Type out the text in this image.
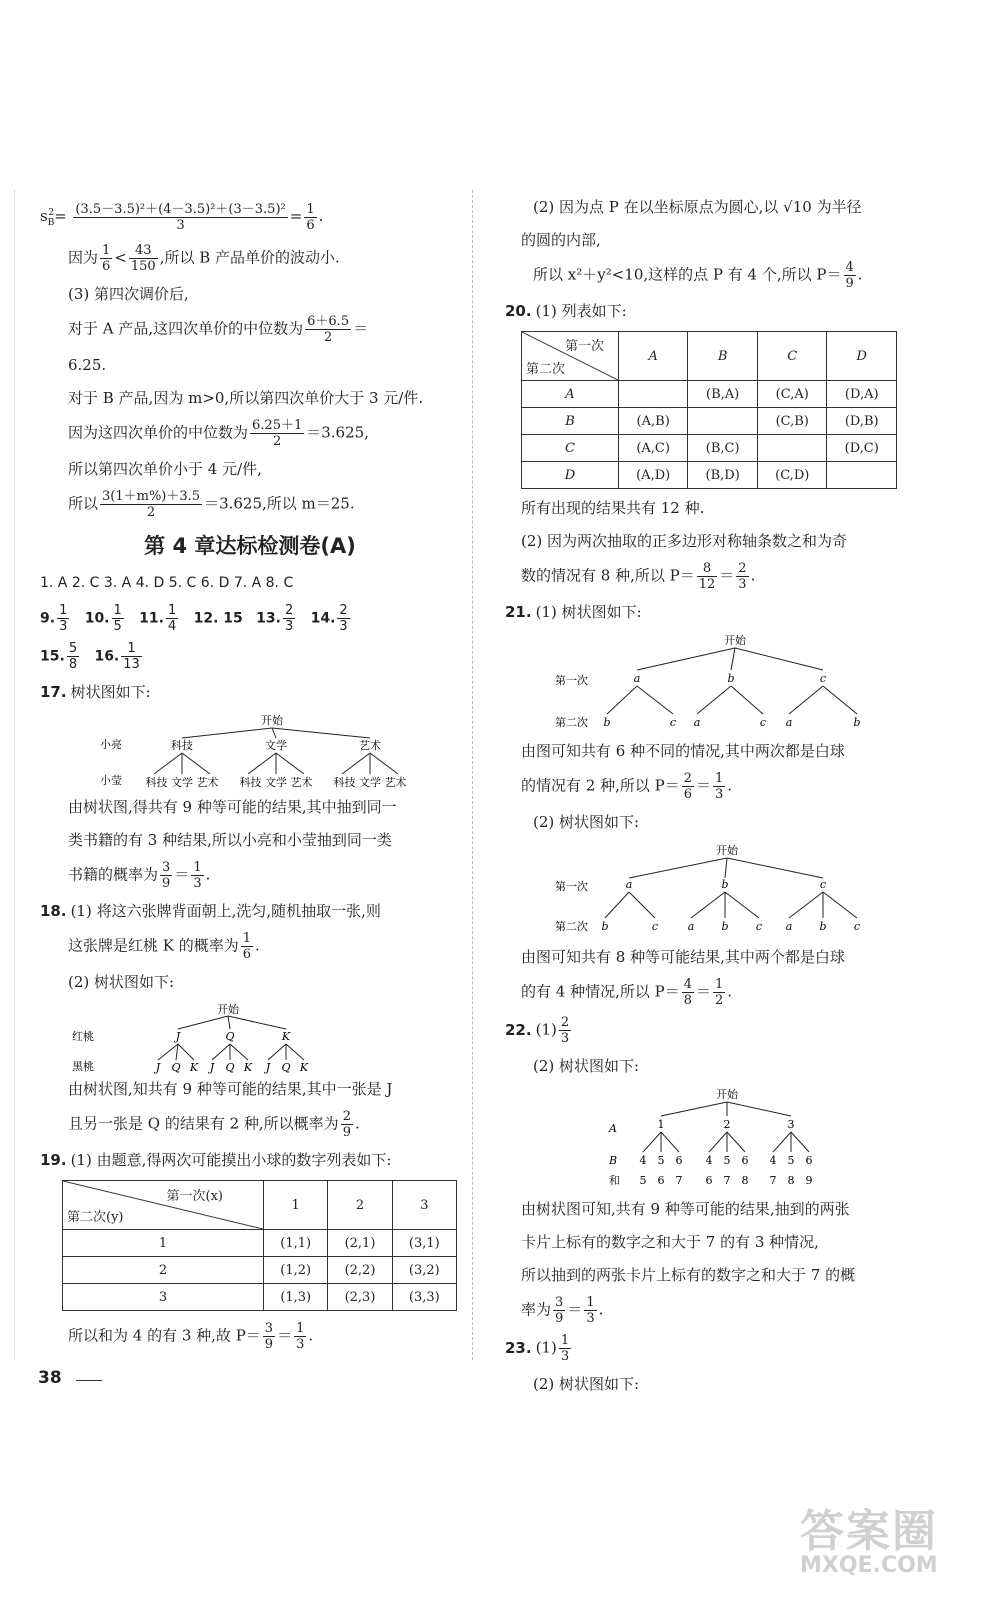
$s_B^2= \frac{\text{(3.5－3.5)²＋(4－3.5)²＋(3－3.5)²}}{3} = \frac{1}{6}$ .
因为 $\frac{1}{6} < \frac{43}{150}$ ,所以 B 产品单价的波动小.
(3) 第四次调价后,
对于 A 产品,这四次单价的中位数为 $\frac{6+6.5}{2}$ ＝
6.25.
对于 B 产品,因为 m>0,所以第四次单价大于 3 元/件.
因为这四次单价的中位数为 $\frac{6.25+1}{2} =3.625$,
所以第四次单价小于 4 元/件,
所以 $\frac{3(1+m\%)+3.5}{2} =3.625$,所以 m＝25.
第 4 章达标检测卷(A)
1. A 2. C 3. A 4. D 5. C 6. D 7. A 8. C
9. $\frac{1}{3} 10$. $\frac{1}{5} 11$. $\frac{1}{4} 12$. 15 13. $\frac{2}{3} 14$. $\frac{2}{3}$
15. $\frac{5}{8} 16$. $\frac{1}{13}$
17. 树状图如下:
开始
小亮
小莹
科技	文学	艺术
科技 文学 艺术 科技 文学 艺术 科技 文学 艺术
由树状图,得共有 9 种等可能的结果,其中抽到同一
类书籍的有 3 种结果,所以小亮和小莹抽到同一类
书籍的概率为 $\frac{3}{9} = \frac{1}{3}$ .
18. (1) 将这六张牌背面朝上,洗匀,随机抽取一张,则
这张牌是红桃 K 的概率为 $\frac{1}{6}$ .
(2) 树状图如下:
开始
红桃
黑桃
J	Q	K
J Q K J Q K J Q K
由树状图,知共有 9 种等可能的结果,其中一张是 J
且另一张是 Q 的结果有 2 种,所以概率为 $\frac{2}{9}$ .
19. (1) 由题意,得两次可能摸出小球的数字列表如下:
第一次(x)
第二次(y)	1	2	3
1	(1,1)	(2,1)	(3,1)
2	(1,2)	(2,2)	(3,2)
3	(1,3)	(2,3)	(3,3)
所以和为 4 的有 3 种,故 $P= \frac{3}{9} = \frac{1}{3}$ .
(2) 因为点 P 在以坐标原点为圆心,以 √10 为半径
的圆的内部,
所以 x²＋y²<10,这样的点 P 有 4 个,所以 $P= \frac{4}{9}$ .
20. (1) 列表如下:
第一次
第二次	A	B	C	D
A		(B,A)	(C,A)	(D,A)
B	(A,B)		(C,B)	(D,B)
C	(A,C)	(B,C)		(D,C)
D	(A,D)	(B,D)	(C,D)	
所有出现的结果共有 12 种.
(2) 因为两次抽取的正多边形对称轴条数之和为奇
数的情况有 8 种,所以 $P= \frac{8}{12} = \frac{2}{3}$ .
21. (1) 树状图如下:
开始
第一次
第二次
a	b	c
b	c a	c a	b
由图可知共有 6 种不同的情况,其中两次都是白球
的情况有 2 种,所以 $P= \frac{2}{6} = \frac{1}{3}$ .
(2) 树状图如下:
开始
第一次
第二次
a	b	c
b	c	a b c a b c
由图可知共有 8 种等可能结果,其中两个都是白球
的有 4 种情况,所以 $P= \frac{4}{8} = \frac{1}{2}$ .
22. $(1) \frac{2}{3}$
(2) 树状图如下:
开始
A
B
和
1	2	3
4 5 6 4 5 6 4 5 6
5 6 7 6 7 8 7 8 9
由树状图可知,共有 9 种等可能的结果,抽到的两张
卡片上标有的数字之和大于 7 的有 3 种情况,
所以抽到的两张卡片上标有的数字之和大于 7 的概
率为 $\frac{3}{9} = \frac{1}{3}$ .
23. $(1) \frac{1}{3}$
(2) 树状图如下:
38
答案圈
MXQE.COM
